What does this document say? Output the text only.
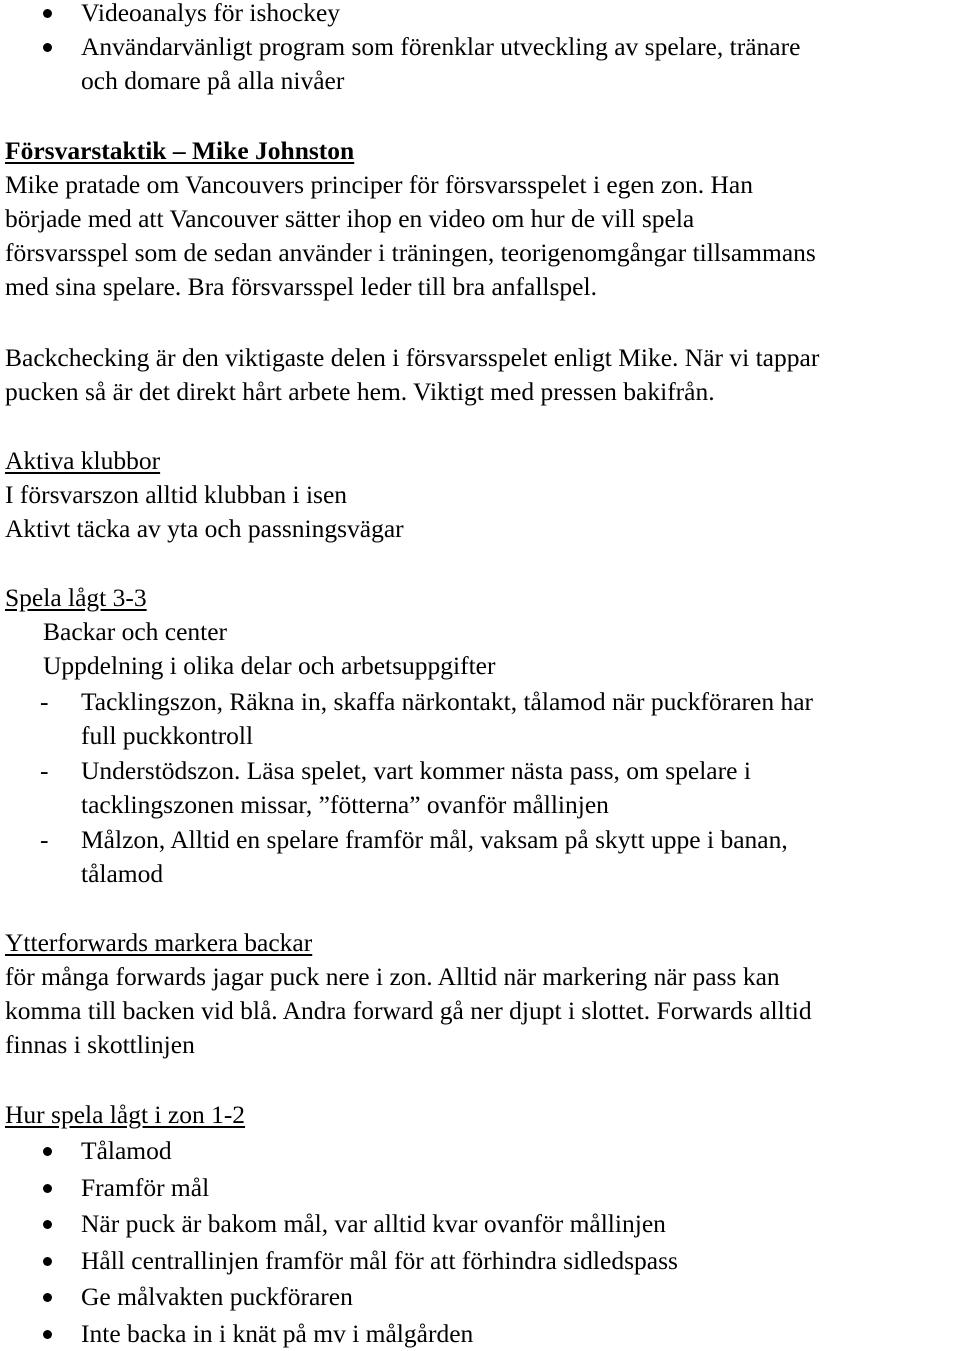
Videoanalys för ishockey
Användarvänligt program som förenklar utveckling av spelare, tränare
och domare på alla nivåer
Försvarstaktik – Mike Johnston
Mike pratade om Vancouvers principer för försvarsspelet i egen zon. Han
började med att Vancouver sätter ihop en video om hur de vill spela
försvarsspel som de sedan använder i träningen, teorigenomgångar tillsammans
med sina spelare. Bra försvarsspel leder till bra anfallspel.
Backchecking är den viktigaste delen i försvarsspelet enligt Mike. När vi tappar
pucken så är det direkt hårt arbete hem. Viktigt med pressen bakifrån.
Aktiva klubbor
I försvarszon alltid klubban i isen
Aktivt täcka av yta och passningsvägar
Spela lågt 3-3
Backar och center
Uppdelning i olika delar och arbetsuppgifter
- Tacklingszon, Räkna in, skaffa närkontakt, tålamod när puckföraren har
full puckkontroll
- Understödszon. Läsa spelet, vart kommer nästa pass, om spelare i
tacklingszonen missar, ”fötterna” ovanför mållinjen
- Målzon, Alltid en spelare framför mål, vaksam på skytt uppe i banan,
tålamod
Ytterforwards markera backar
för många forwards jagar puck nere i zon. Alltid när markering när pass kan
komma till backen vid blå. Andra forward gå ner djupt i slottet. Forwards alltid
finnas i skottlinjen
Hur spela lågt i zon 1-2
Tålamod
Framför mål
När puck är bakom mål, var alltid kvar ovanför mållinjen
Håll centrallinjen framför mål för att förhindra sidledspass
Ge målvakten puckföraren
Inte backa in i knät på mv i målgården
